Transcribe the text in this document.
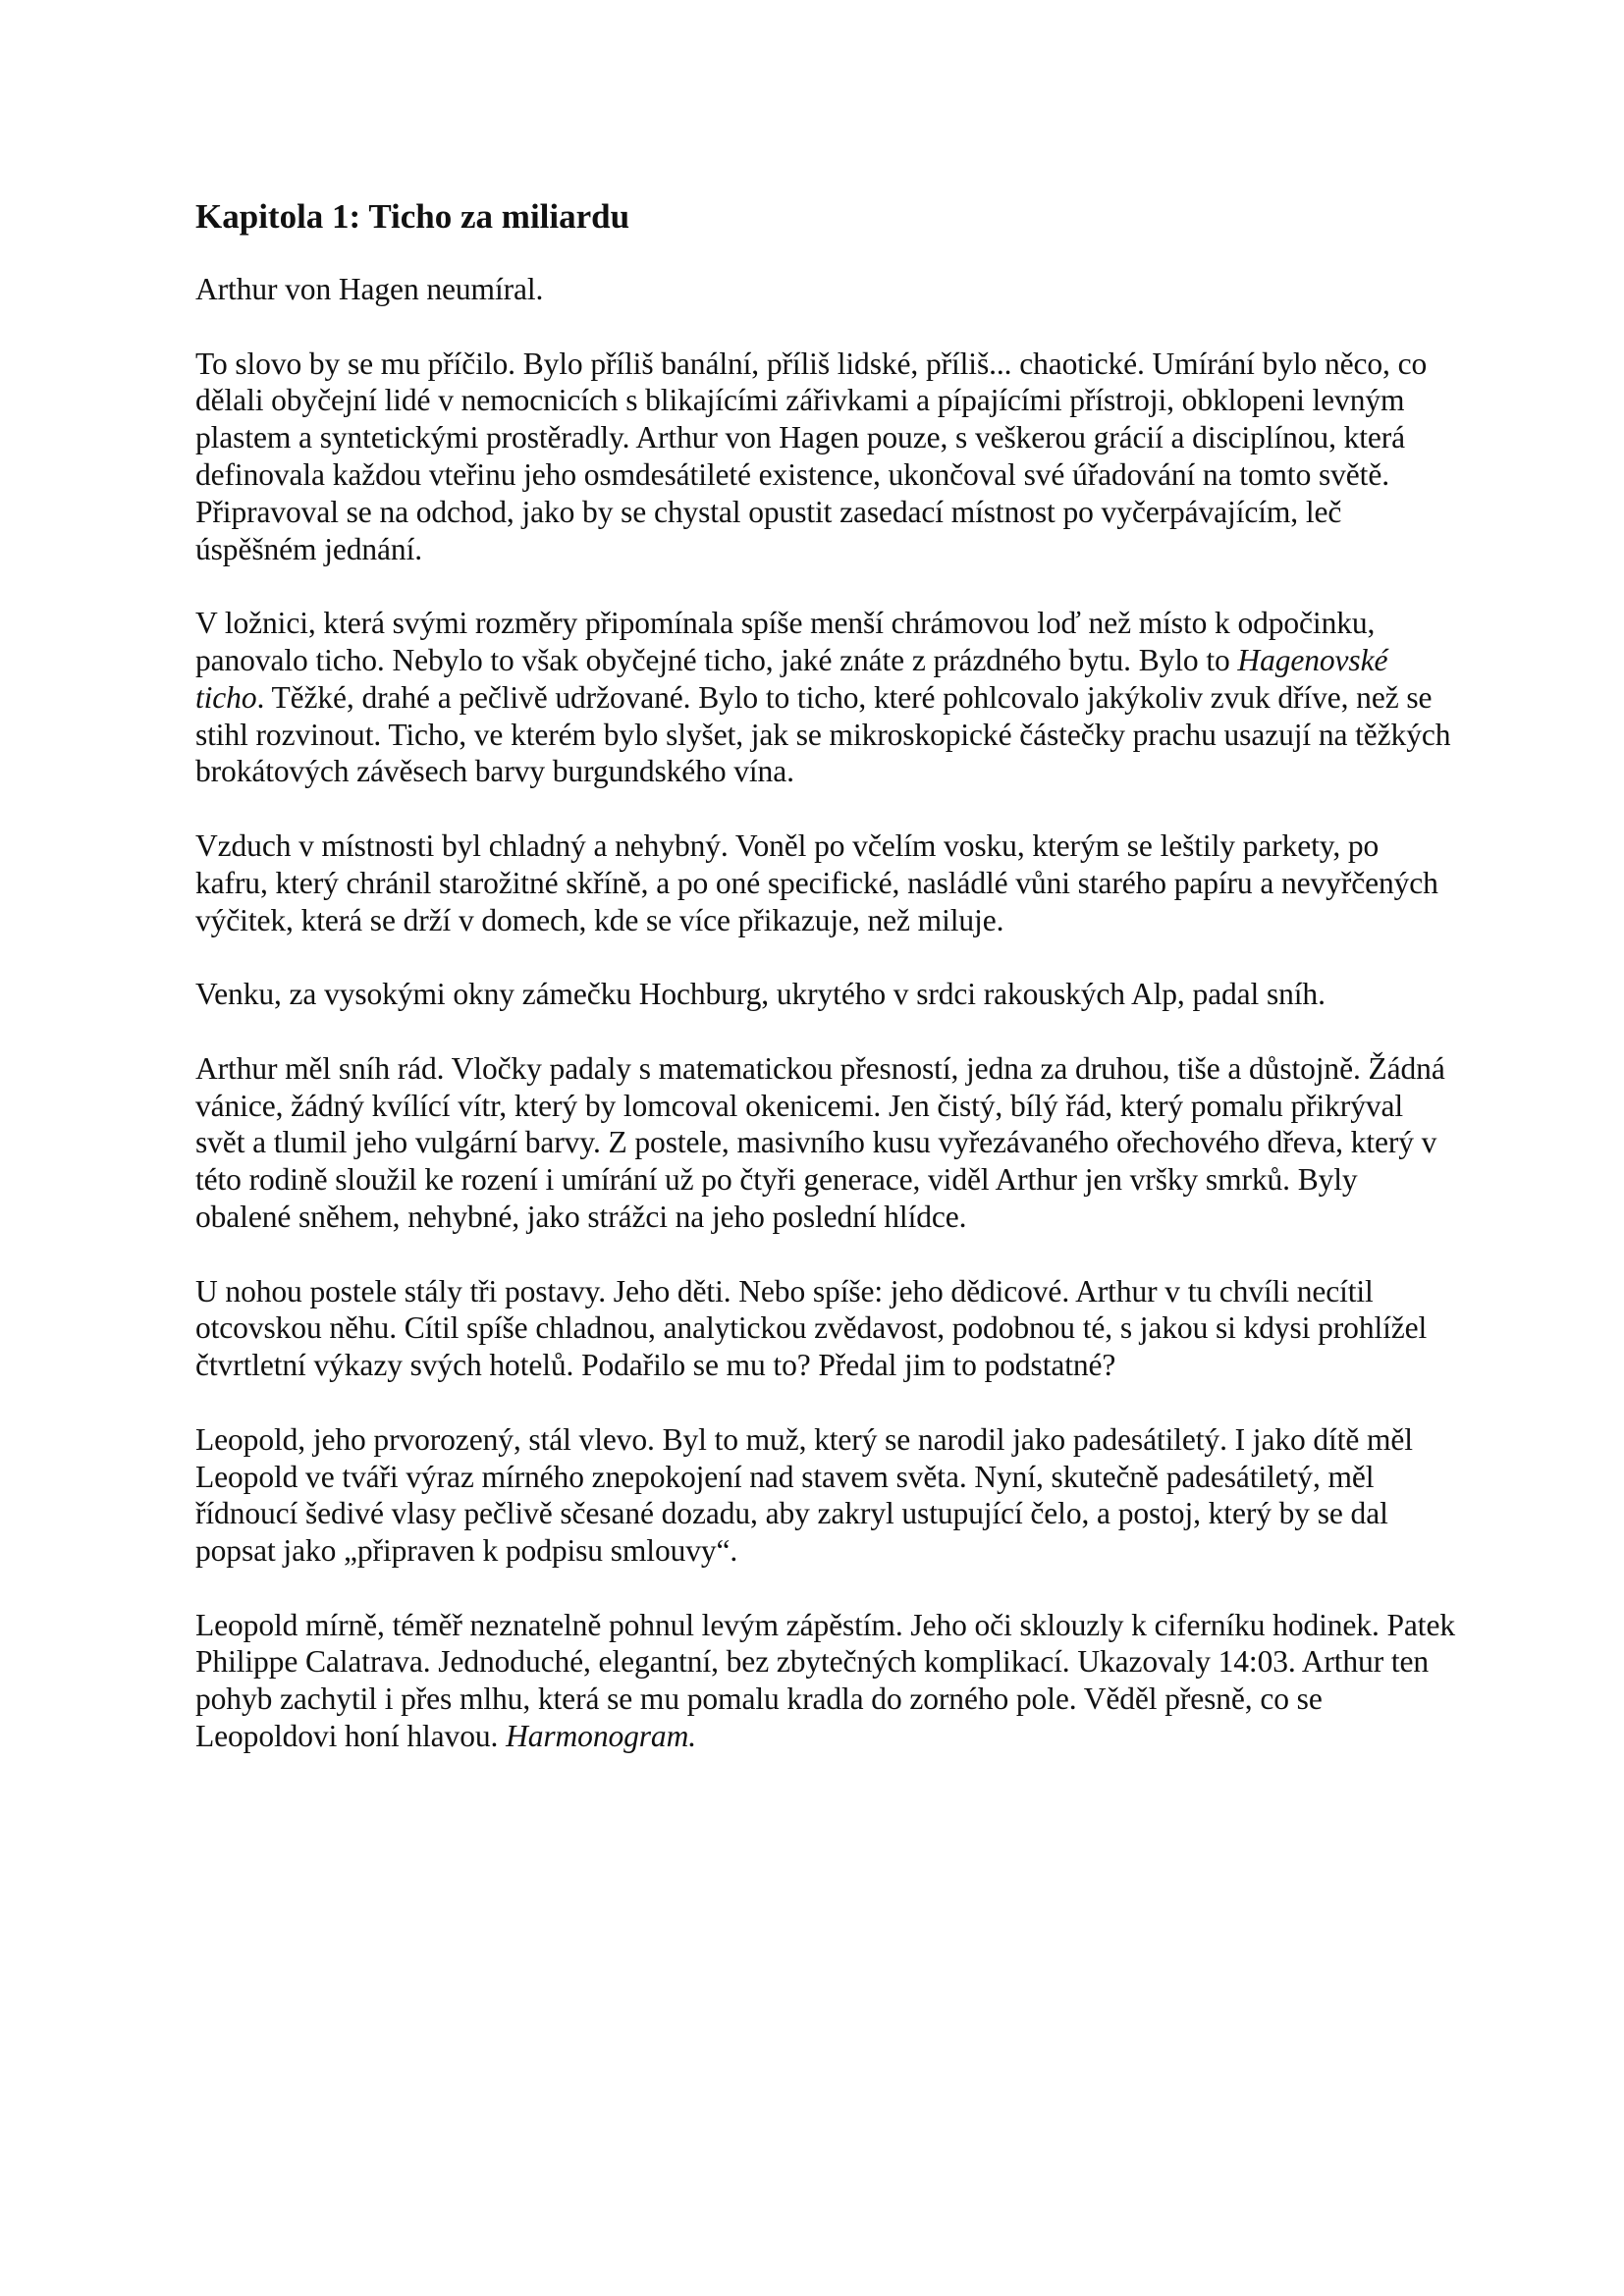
Kapitola 1: Ticho za miliardu

Arthur von Hagen neumíral.

To slovo by se mu příčilo. Bylo příliš banální, příliš lidské, příliš... chaotické. Umírání bylo něco, co dělali obyčejní lidé v nemocnicích s blikajícími zářivkami a pípajícími přístroji, obklopeni levným plastem a syntetickými prostěradly. Arthur von Hagen pouze, s veškerou grácií a disciplínou, která definovala každou vteřinu jeho osmdesátileté existence, ukončoval své úřadování na tomto světě. Připravoval se na odchod, jako by se chystal opustit zasedací místnost po vyčerpávajícím, leč úspěšném jednání.

V ložnici, která svými rozměry připomínala spíše menší chrámovou loď než místo k odpočinku, panovalo ticho. Nebylo to však obyčejné ticho, jaké znáte z prázdného bytu. Bylo to Hagenovské ticho. Těžké, drahé a pečlivě udržované. Bylo to ticho, které pohlcovalo jakýkoliv zvuk dříve, než se stihl rozvinout. Ticho, ve kterém bylo slyšet, jak se mikroskopické částečky prachu usazují na těžkých brokátových závěsech barvy burgundského vína.

Vzduch v místnosti byl chladný a nehybný. Voněl po včelím vosku, kterým se leštily parkety, po kafru, který chránil starožitné skříně, a po oné specifické, nasládlé vůni starého papíru a nevyřčených výčitek, která se drží v domech, kde se více přikazuje, než miluje.

Venku, za vysokými okny zámečku Hochburg, ukrytého v srdci rakouských Alp, padal sníh.

Arthur měl sníh rád. Vločky padaly s matematickou přesností, jedna za druhou, tiše a důstojně. Žádná vánice, žádný kvílící vítr, který by lomcoval okenicemi. Jen čistý, bílý řád, který pomalu přikrýval svět a tlumil jeho vulgární barvy. Z postele, masivního kusu vyřezávaného ořechového dřeva, který v této rodině sloužil ke rození i umírání už po čtyři generace, viděl Arthur jen vršky smrků. Byly obalené sněhem, nehybné, jako strážci na jeho poslední hlídce.

U nohou postele stály tři postavy. Jeho děti. Nebo spíše: jeho dědicové. Arthur v tu chvíli necítil otcovskou něhu. Cítil spíše chladnou, analytickou zvědavost, podobnou té, s jakou si kdysi prohlížel čtvrtletní výkazy svých hotelů. Podařilo se mu to? Předal jim to podstatné?

Leopold, jeho prvorozený, stál vlevo. Byl to muž, který se narodil jako padesátiletý. I jako dítě měl Leopold ve tváři výraz mírného znepokojení nad stavem světa. Nyní, skutečně padesátiletý, měl řídnoucí šedivé vlasy pečlivě sčesané dozadu, aby zakryl ustupující čelo, a postoj, který by se dal popsat jako „připraven k podpisu smlouvy“.

Leopold mírně, téměř neznatelně pohnul levým zápěstím. Jeho oči sklouzly k ciferníku hodinek. Patek Philippe Calatrava. Jednoduché, elegantní, bez zbytečných komplikací. Ukazovaly 14:03. Arthur ten pohyb zachytil i přes mlhu, která se mu pomalu kradla do zorného pole. Věděl přesně, co se Leopoldovi honí hlavou. Harmonogram.
